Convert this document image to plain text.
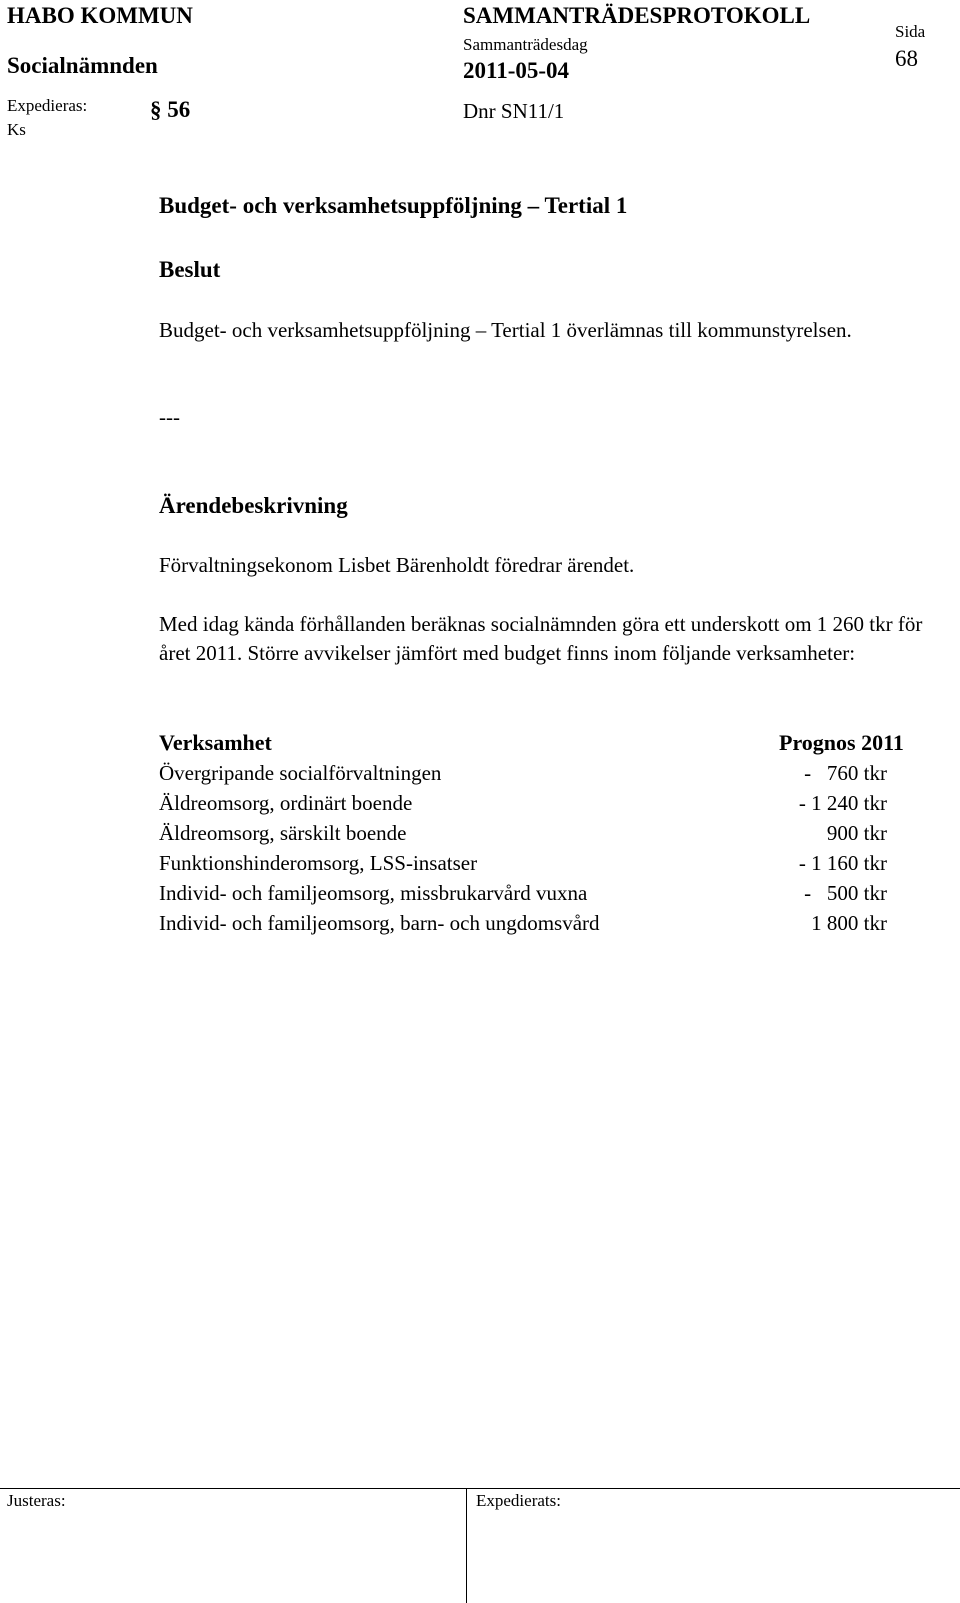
HABO KOMMUN
Socialnämnden
Expedieras:
Ks
§ 56
SAMMANTRÄDESPROTOKOLL
Sammanträdesdag
2011-05-04
Dnr SN11/1
Sida
68
Budget- och verksamhetsuppföljning – Tertial 1
Beslut
Budget- och verksamhetsuppföljning – Tertial 1 överlämnas till kommunstyrelsen.
---
Ärendebeskrivning
Förvaltningsekonom Lisbet Bärenholdt föredrar ärendet.
Med idag kända förhållanden beräknas socialnämnden göra ett underskott om 1 260 tkr för året 2011. Större avvikelser jämfört med budget finns inom följande verksamheter:
Verksamhet	Prognos 2011
Övergripande socialförvaltningen	-   760 tkr
Äldreomsorg, ordinärt boende	- 1 240 tkr
Äldreomsorg, särskilt boende	900 tkr
Funktionshinderomsorg, LSS-insatser	- 1 160 tkr
Individ- och familjeomsorg, missbrukarvård vuxna	-   500 tkr
Individ- och familjeomsorg, barn- och ungdomsvård	1 800 tkr
Justeras:	Expedierats:
